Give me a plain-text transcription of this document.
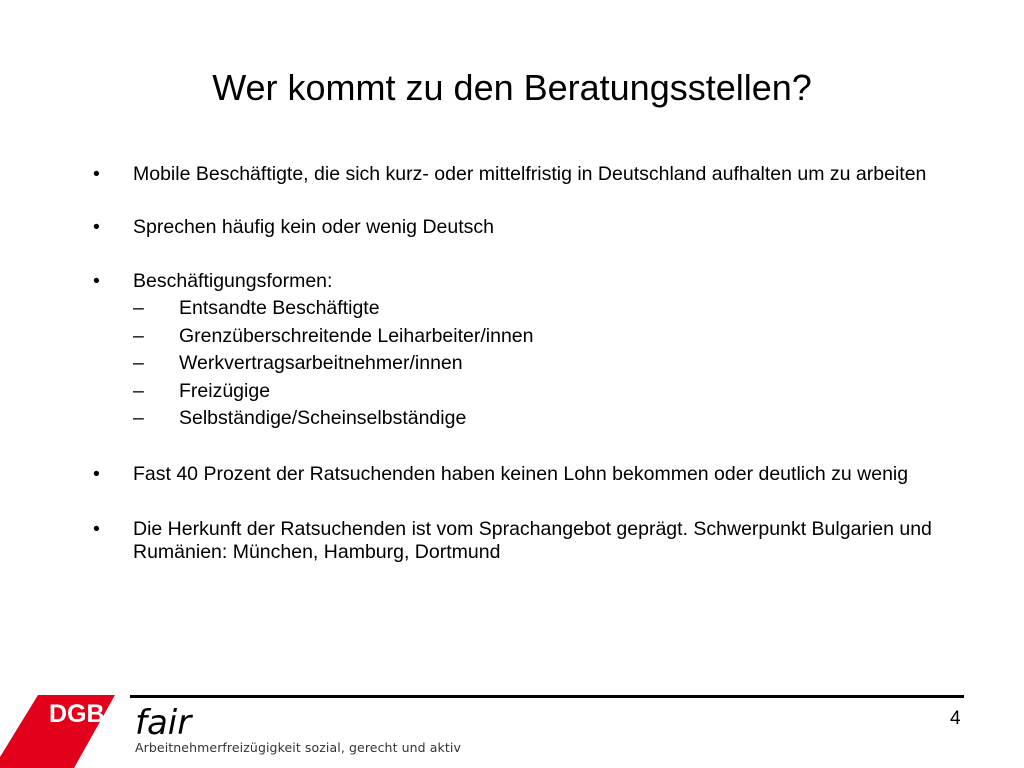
Wer kommt zu den Beratungsstellen?
• Mobile Beschäftigte, die sich kurz- oder mittelfristig in Deutschland aufhalten um zu arbeiten
• Sprechen häufig kein oder wenig Deutsch
• Beschäftigungsformen:
– Entsandte Beschäftigte
– Grenzüberschreitende Leiharbeiter/innen
– Werkvertragsarbeitnehmer/innen
– Freizügige
– Selbständige/Scheinselbständige
• Fast 40 Prozent der Ratsuchenden haben keinen Lohn bekommen oder deutlich zu wenig
• Die Herkunft der Ratsuchenden ist vom Sprachangebot geprägt. Schwerpunkt Bulgarien und Rumänien: München, Hamburg, Dortmund
DGB fair
Arbeitnehmerfreizügigkeit sozial, gerecht und aktiv
4
